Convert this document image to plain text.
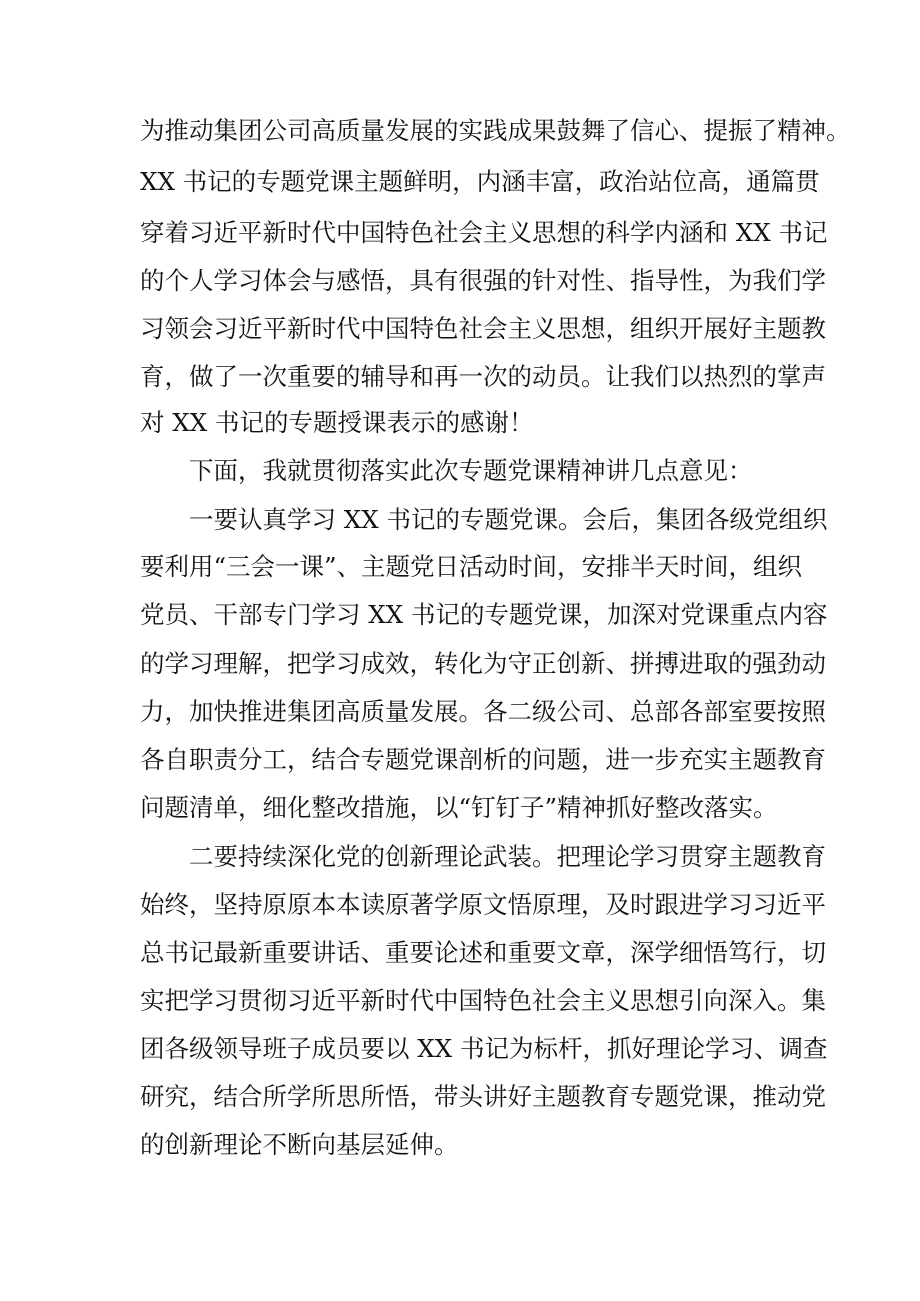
为推动集团公司高质量发展的实践成果鼓舞了信心、提振了精神。
XX 书记的专题党课主题鲜明，内涵丰富，政治站位高，通篇贯
穿着习近平新时代中国特色社会主义思想的科学内涵和 XX 书记
的个人学习体会与感悟，具有很强的针对性、指导性，为我们学
习领会习近平新时代中国特色社会主义思想，组织开展好主题教
育，做了一次重要的辅导和再一次的动员。让我们以热烈的掌声
对 XX 书记的专题授课表示的感谢！
下面，我就贯彻落实此次专题党课精神讲几点意见：
一要认真学习 XX 书记的专题党课。会后，集团各级党组织
要利用“三会一课”、主题党日活动时间，安排半天时间，组织
党员、干部专门学习 XX 书记的专题党课，加深对党课重点内容
的学习理解，把学习成效，转化为守正创新、拼搏进取的强劲动
力，加快推进集团高质量发展。各二级公司、总部各部室要按照
各自职责分工，结合专题党课剖析的问题，进一步充实主题教育
问题清单，细化整改措施，以“钉钉子”精神抓好整改落实。
二要持续深化党的创新理论武装。把理论学习贯穿主题教育
始终，坚持原原本本读原著学原文悟原理，及时跟进学习习近平
总书记最新重要讲话、重要论述和重要文章，深学细悟笃行，切
实把学习贯彻习近平新时代中国特色社会主义思想引向深入。集
团各级领导班子成员要以 XX 书记为标杆，抓好理论学习、调查
研究，结合所学所思所悟，带头讲好主题教育专题党课，推动党
的创新理论不断向基层延伸。
